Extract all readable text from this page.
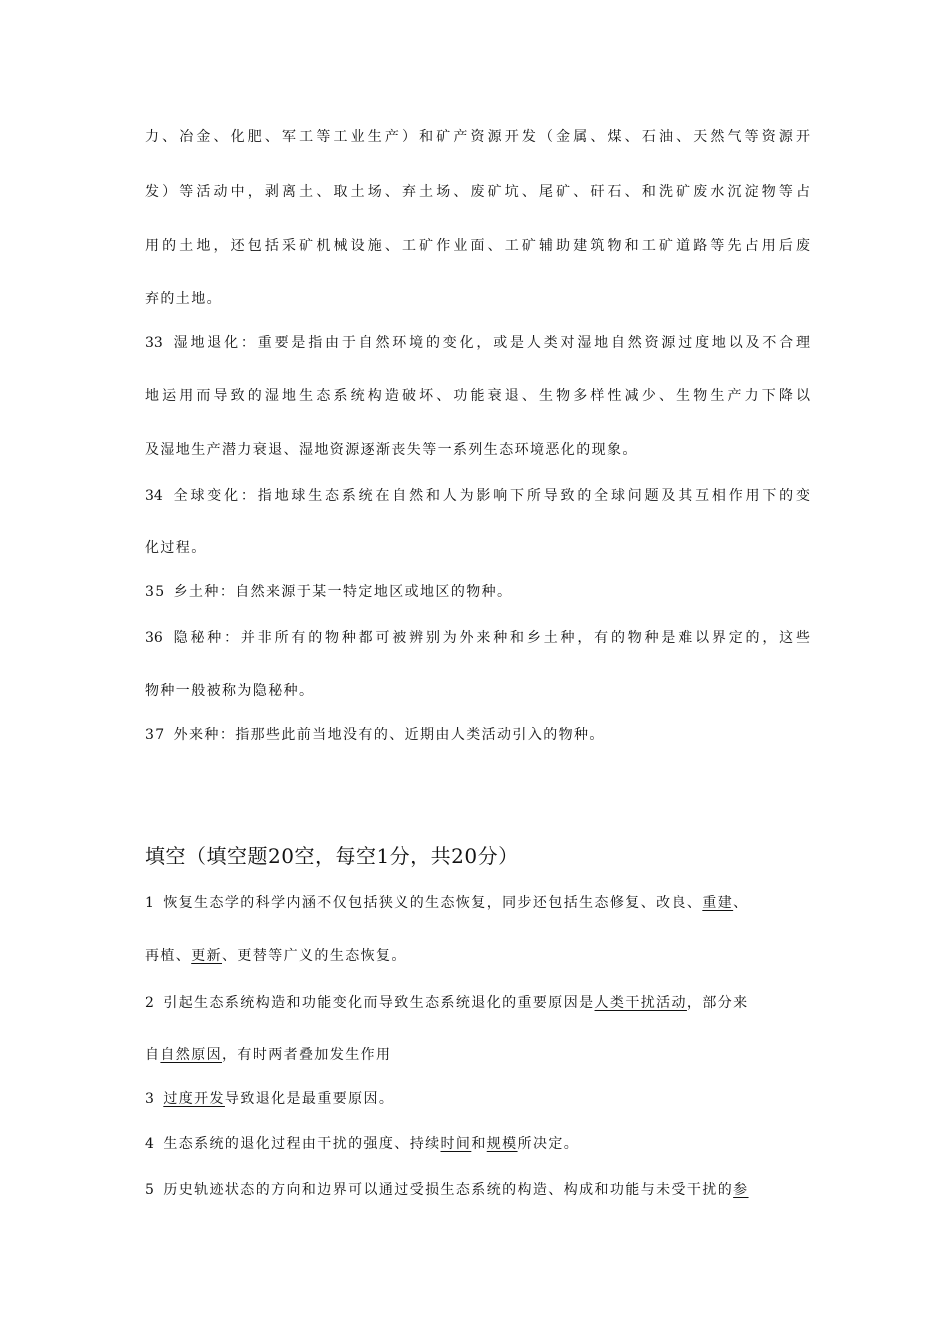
力、冶金、化肥、军工等工业生产）和矿产资源开发（金属、煤、石油、天然气等资源开
发）等活动中，剥离土、取土场、弃土场、废矿坑、尾矿、矸石、和洗矿废水沉淀物等占
用的土地，还包括采矿机械设施、工矿作业面、工矿辅助建筑物和工矿道路等先占用后废
弃的土地。
33 湿地退化：重要是指由于自然环境的变化，或是人类对湿地自然资源过度地以及不合理
地运用而导致的湿地生态系统构造破坏、功能衰退、生物多样性减少、生物生产力下降以
及湿地生产潜力衰退、湿地资源逐渐丧失等一系列生态环境恶化的现象。
34 全球变化：指地球生态系统在自然和人为影响下所导致的全球问题及其互相作用下的变
化过程。
35 乡土种：自然来源于某一特定地区或地区的物种。
36 隐秘种：并非所有的物种都可被辨别为外来种和乡土种，有的物种是难以界定的，这些
物种一般被称为隐秘种。
37 外来种：指那些此前当地没有的、近期由人类活动引入的物种。
填空（填空题20空，每空1分，共20分）
1 恢复生态学的科学内涵不仅包括狭义的生态恢复，同步还包括生态修复、改良、重建、
再植、更新、更替等广义的生态恢复。
2 引起生态系统构造和功能变化而导致生态系统退化的重要原因是人类干扰活动，部分来
自自然原因，有时两者叠加发生作用
3 过度开发导致退化是最重要原因。
4 生态系统的退化过程由干扰的强度、持续时间和规模所决定。
5 历史轨迹状态的方向和边界可以通过受损生态系统的构造、构成和功能与未受干扰的参
